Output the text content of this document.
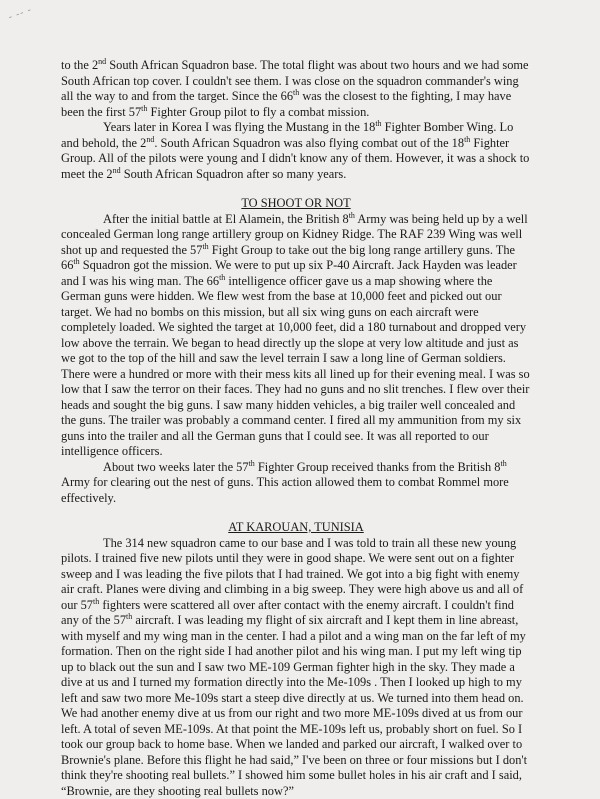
- -- -

to the 2nd South African Squadron base. The total flight was about two hours and we had some South African top cover. I couldn't see them. I was close on the squadron commander's wing all the way to and from the target. Since the 66th was the closest to the fighting, I may have been the first 57th Fighter Group pilot to fly a combat mission.

Years later in Korea I was flying the Mustang in the 18th Fighter Bomber Wing. Lo and behold, the 2nd. South African Squadron was also flying combat out of the 18th Fighter Group. All of the pilots were young and I didn't know any of them. However, it was a shock to meet the 2nd South African Squadron after so many years.

TO SHOOT OR NOT

After the initial battle at El Alamein, the British 8th Army was being held up by a well concealed German long range artillery group on Kidney Ridge. The RAF 239 Wing was well shot up and requested the 57th Fight Group to take out the big long range artillery guns. The 66th Squadron got the mission. We were to put up six P-40 Aircraft. Jack Hayden was leader and I was his wing man. The 66th intelligence officer gave us a map showing where the German guns were hidden. We flew west from the base at 10,000 feet and picked out our target. We had no bombs on this mission, but all six wing guns on each aircraft were completely loaded. We sighted the target at 10,000 feet, did a 180 turnabout and dropped very low above the terrain. We began to head directly up the slope at very low altitude and just as we got to the top of the hill and saw the level terrain I saw a long line of German soldiers. There were a hundred or more with their mess kits all lined up for their evening meal. I was so low that I saw the terror on their faces. They had no guns and no slit trenches. I flew over their heads and sought the big guns. I saw many hidden vehicles, a big trailer well concealed and the guns. The trailer was probably a command center. I fired all my ammunition from my six guns into the trailer and all the German guns that I could see. It was all reported to our intelligence officers.

About two weeks later the 57th Fighter Group received thanks from the British 8th Army for clearing out the nest of guns. This action allowed them to combat Rommel more effectively.

AT KAROUAN, TUNISIA

The 314 new squadron came to our base and I was told to train all these new young pilots. I trained five new pilots until they were in good shape. We were sent out on a fighter sweep and I was leading the five pilots that I had trained. We got into a big fight with enemy air craft. Planes were diving and climbing in a big sweep. They were high above us and all of our 57th fighters were scattered all over after contact with the enemy aircraft. I couldn't find any of the 57th aircraft. I was leading my flight of six aircraft and I kept them in line abreast, with myself and my wing man in the center. I had a pilot and a wing man on the far left of my formation. Then on the right side I had another pilot and his wing man. I put my left wing tip up to black out the sun and I saw two ME-109 German fighter high in the sky. They made a dive at us and I turned my formation directly into the Me-109s . Then I looked up high to my left and saw two more Me-109s start a steep dive directly at us. We turned into them head on. We had another enemy dive at us from our right and two more ME-109s dived at us from our left. A total of seven ME-109s. At that point the ME-109s left us, probably short on fuel. So I took our group back to home base. When we landed and parked our aircraft, I walked over to Brownie's plane. Before this flight he had said,” I've been on three or four missions but I don't think they're shooting real bullets.” I showed him some bullet holes in his air craft and I said, “Brownie, are they shooting real bullets now?”
